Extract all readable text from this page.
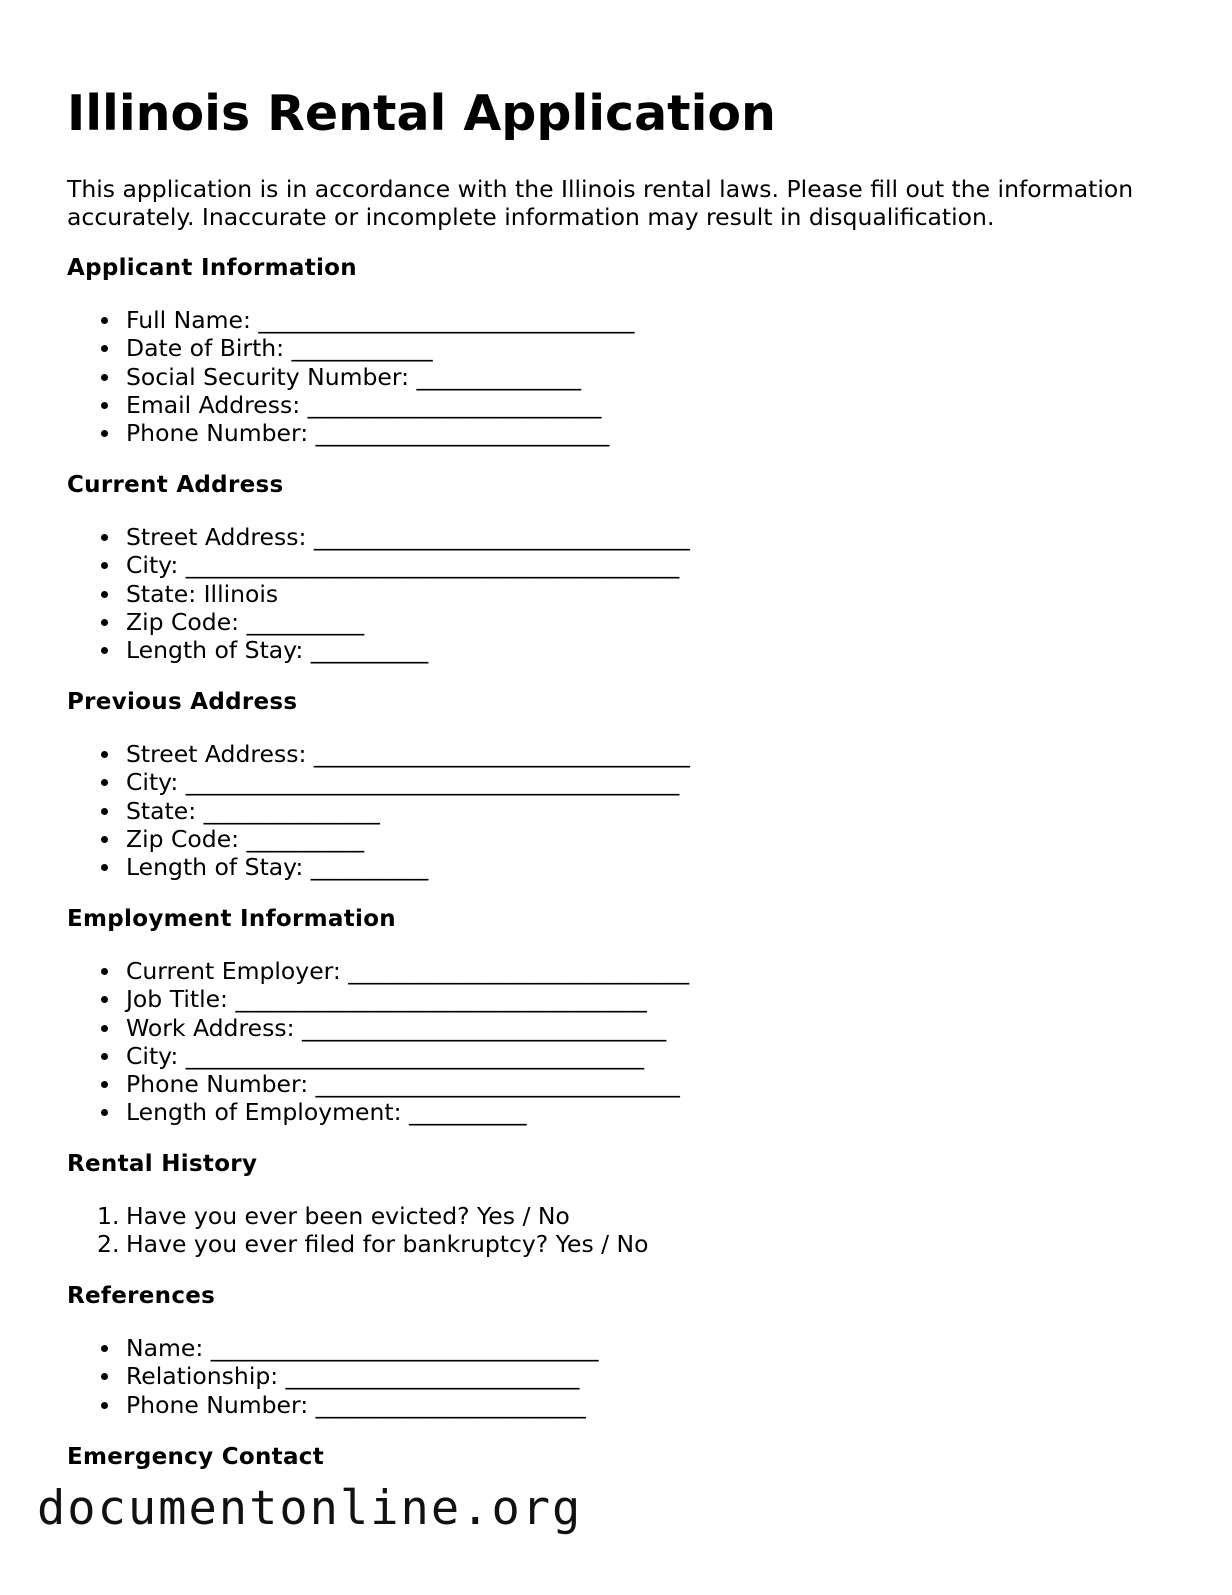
Illinois Rental Application

This application is in accordance with the Illinois rental laws. Please fill out the information accurately. Inaccurate or incomplete information may result in disqualification.

Applicant Information
Full Name: ________________________________
Date of Birth: ____________
Social Security Number: ______________
Email Address: _________________________
Phone Number: _________________________
Current Address
Street Address: ________________________________
City: __________________________________________
State: Illinois
Zip Code: __________
Length of Stay: __________
Previous Address
Street Address: ________________________________
City: __________________________________________
State: _______________
Zip Code: __________
Length of Stay: __________
Employment Information
Current Employer: _____________________________
Job Title: ___________________________________
Work Address: _______________________________
City: _______________________________________
Phone Number: _______________________________
Length of Employment: __________
Rental History
1. Have you ever been evicted? Yes / No
2. Have you ever filed for bankruptcy? Yes / No
References
Name: _________________________________
Relationship: _________________________
Phone Number: _______________________
Emergency Contact
documentonline.org
